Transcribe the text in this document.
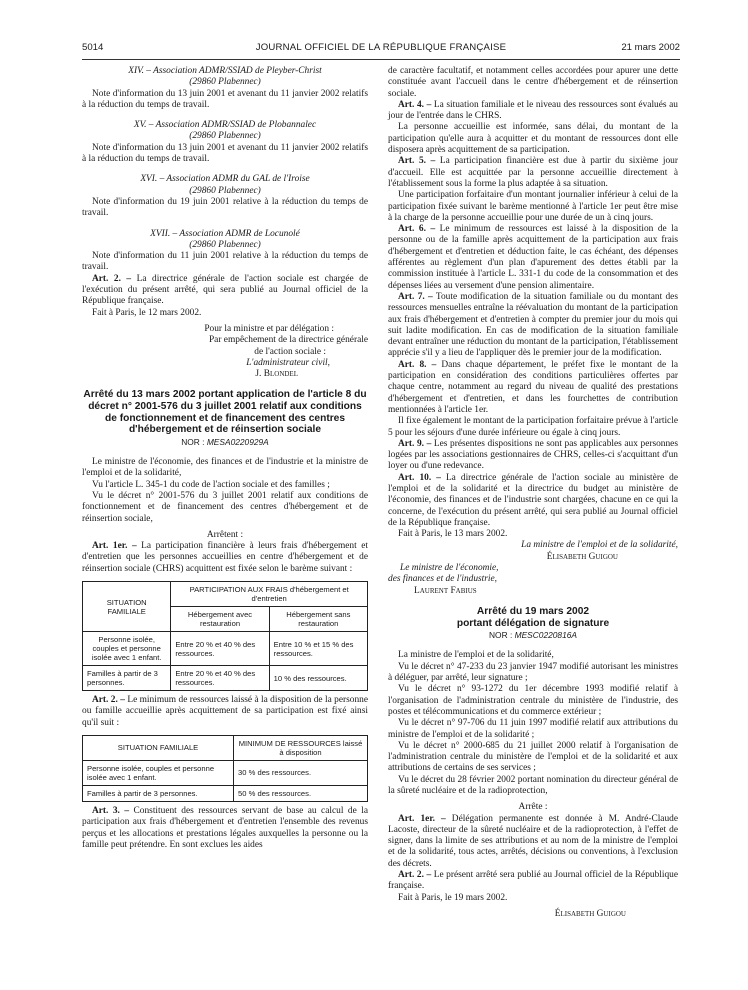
5014	JOURNAL OFFICIEL DE LA RÉPUBLIQUE FRANÇAISE	21 mars 2002

XIV. – Association ADMR/SSIAD de Pleyber-Christ

(29860 Plabennec)

Note d'information du 13 juin 2001 et avenant du 11 janvier 2002 relatifs à la réduction du temps de travail.

XV. – Association ADMR/SSIAD de Plobannalec

(29860 Plabennec)

Note d'information du 13 juin 2001 et avenant du 11 janvier 2002 relatifs à la réduction du temps de travail.

XVI. – Association ADMR du GAL de l'Iroise

(29860 Plabennec)

Note d'information du 19 juin 2001 relative à la réduction du temps de travail.

XVII. – Association ADMR de Locunolé

(29860 Plabennec)

Note d'information du 11 juin 2001 relative à la réduction du temps de travail.

Art. 2. – La directrice générale de l'action sociale est chargée de l'exécution du présent arrêté, qui sera publié au Journal officiel de la République française.

Fait à Paris, le 12 mars 2002.

Pour la ministre et par délégation :

Par empêchement de la directrice générale

de l'action sociale :

L'administrateur civil,

J. Blondel

Arrêté du 13 mars 2002 portant application de l'article 8 du décret n° 2001-576 du 3 juillet 2001 relatif aux conditions de fonctionnement et de financement des centres d'hébergement et de réinsertion sociale

NOR : MESA0220929A

Le ministre de l'économie, des finances et de l'industrie et la ministre de l'emploi et de la solidarité,

Vu l'article L. 345-1 du code de l'action sociale et des familles ;

Vu le décret n° 2001-576 du 3 juillet 2001 relatif aux conditions de fonctionnement et de financement des centres d'hébergement et de réinsertion sociale,

Arrêtent :

Art. 1er. – La participation financière à leurs frais d'hébergement et d'entretien que les personnes accueillies en centre d'hébergement et de réinsertion sociale (CHRS) acquittent est fixée selon le barème suivant :

SITUATION FAMILIALE	PARTICIPATION AUX FRAIS d'hébergement et d'entretien	
	Hébergement avec restauration	Hébergement sans restauration
Personne isolée, couples et personne isolée avec 1 enfant.	Entre 20 % et 40 % des ressources.	Entre 10 % et 15 % des ressources.
Familles à partir de 3 personnes.	Entre 20 % et 40 % des ressources.	10 % des ressources.

Art. 2. – Le minimum de ressources laissé à la disposition de la personne ou famille accueillie après acquittement de sa participation est fixé ainsi qu'il suit :

SITUATION FAMILIALE	MINIMUM DE RESSOURCES laissé à disposition
Personne isolée, couples et personne isolée avec 1 enfant.	30 % des ressources.
Familles à partir de 3 personnes.	50 % des ressources.

Art. 3. – Constituent des ressources servant de base au calcul de la participation aux frais d'hébergement et d'entretien l'ensemble des revenus perçus et les allocations et prestations légales auxquelles la personne ou la famille peut prétendre. En sont exclues les aides

de caractère facultatif, et notamment celles accordées pour apurer une dette constituée avant l'accueil dans le centre d'hébergement et de réinsertion sociale.

Art. 4. – La situation familiale et le niveau des ressources sont évalués au jour de l'entrée dans le CHRS.

La personne accueillie est informée, sans délai, du montant de la participation qu'elle aura à acquitter et du montant de ressources dont elle disposera après acquittement de sa participation.

Art. 5. – La participation financière est due à partir du sixième jour d'accueil. Elle est acquittée par la personne accueillie directement à l'établissement sous la forme la plus adaptée à sa situation.

Une participation forfaitaire d'un montant journalier inférieur à celui de la participation fixée suivant le barème mentionné à l'article 1er peut être mise à la charge de la personne accueillie pour une durée de un à cinq jours.

Art. 6. – Le minimum de ressources est laissé à la disposition de la personne ou de la famille après acquittement de la participation aux frais d'hébergement et d'entretien et déduction faite, le cas échéant, des dépenses afférentes au règlement d'un plan d'apurement des dettes établi par la commission instituée à l'article L. 331-1 du code de la consommation et des dépenses liées au versement d'une pension alimentaire.

Art. 7. – Toute modification de la situation familiale ou du montant des ressources mensuelles entraîne la réévaluation du montant de la participation aux frais d'hébergement et d'entretien à compter du premier jour du mois qui suit ladite modification. En cas de modification de la situation familiale devant entraîner une réduction du montant de la participation, l'établissement apprécie s'il y a lieu de l'appliquer dès le premier jour de la modification.

Art. 8. – Dans chaque département, le préfet fixe le montant de la participation en considération des conditions particulières offertes par chaque centre, notamment au regard du niveau de qualité des prestations d'hébergement et d'entretien, et dans les fourchettes de contribution mentionnées à l'article 1er.

Il fixe également le montant de la participation forfaitaire prévue à l'article 5 pour les séjours d'une durée inférieure ou égale à cinq jours.

Art. 9. – Les présentes dispositions ne sont pas applicables aux personnes logées par les associations gestionnaires de CHRS, celles-ci s'acquittant d'un loyer ou d'une redevance.

Art. 10. – La directrice générale de l'action sociale au ministère de l'emploi et de la solidarité et la directrice du budget au ministère de l'économie, des finances et de l'industrie sont chargées, chacune en ce qui la concerne, de l'exécution du présent arrêté, qui sera publié au Journal officiel de la République française.

Fait à Paris, le 13 mars 2002.

La ministre de l'emploi et de la solidarité,

Élisabeth Guigou

Le ministre de l'économie,

des finances et de l'industrie,

Laurent Fabius

Arrêté du 19 mars 2002

portant délégation de signature

NOR : MESC0220816A

La ministre de l'emploi et de la solidarité,

Vu le décret n° 47-233 du 23 janvier 1947 modifié autorisant les ministres à déléguer, par arrêté, leur signature ;

Vu le décret n° 93-1272 du 1er décembre 1993 modifié relatif à l'organisation de l'administration centrale du ministère de l'industrie, des postes et télécommunications et du commerce extérieur ;

Vu le décret n° 97-706 du 11 juin 1997 modifié relatif aux attributions du ministre de l'emploi et de la solidarité ;

Vu le décret n° 2000-685 du 21 juillet 2000 relatif à l'organisation de l'administration centrale du ministère de l'emploi et de la solidarité et aux attributions de certains de ses services ;

Vu le décret du 28 février 2002 portant nomination du directeur général de la sûreté nucléaire et de la radioprotection,

Arrête :

Art. 1er. – Délégation permanente est donnée à M. André-Claude Lacoste, directeur de la sûreté nucléaire et de la radioprotection, à l'effet de signer, dans la limite de ses attributions et au nom de la ministre de l'emploi et de la solidarité, tous actes, arrêtés, décisions ou conventions, à l'exclusion des décrets.

Art. 2. – Le présent arrêté sera publié au Journal officiel de la République française.

Fait à Paris, le 19 mars 2002.

Élisabeth Guigou
